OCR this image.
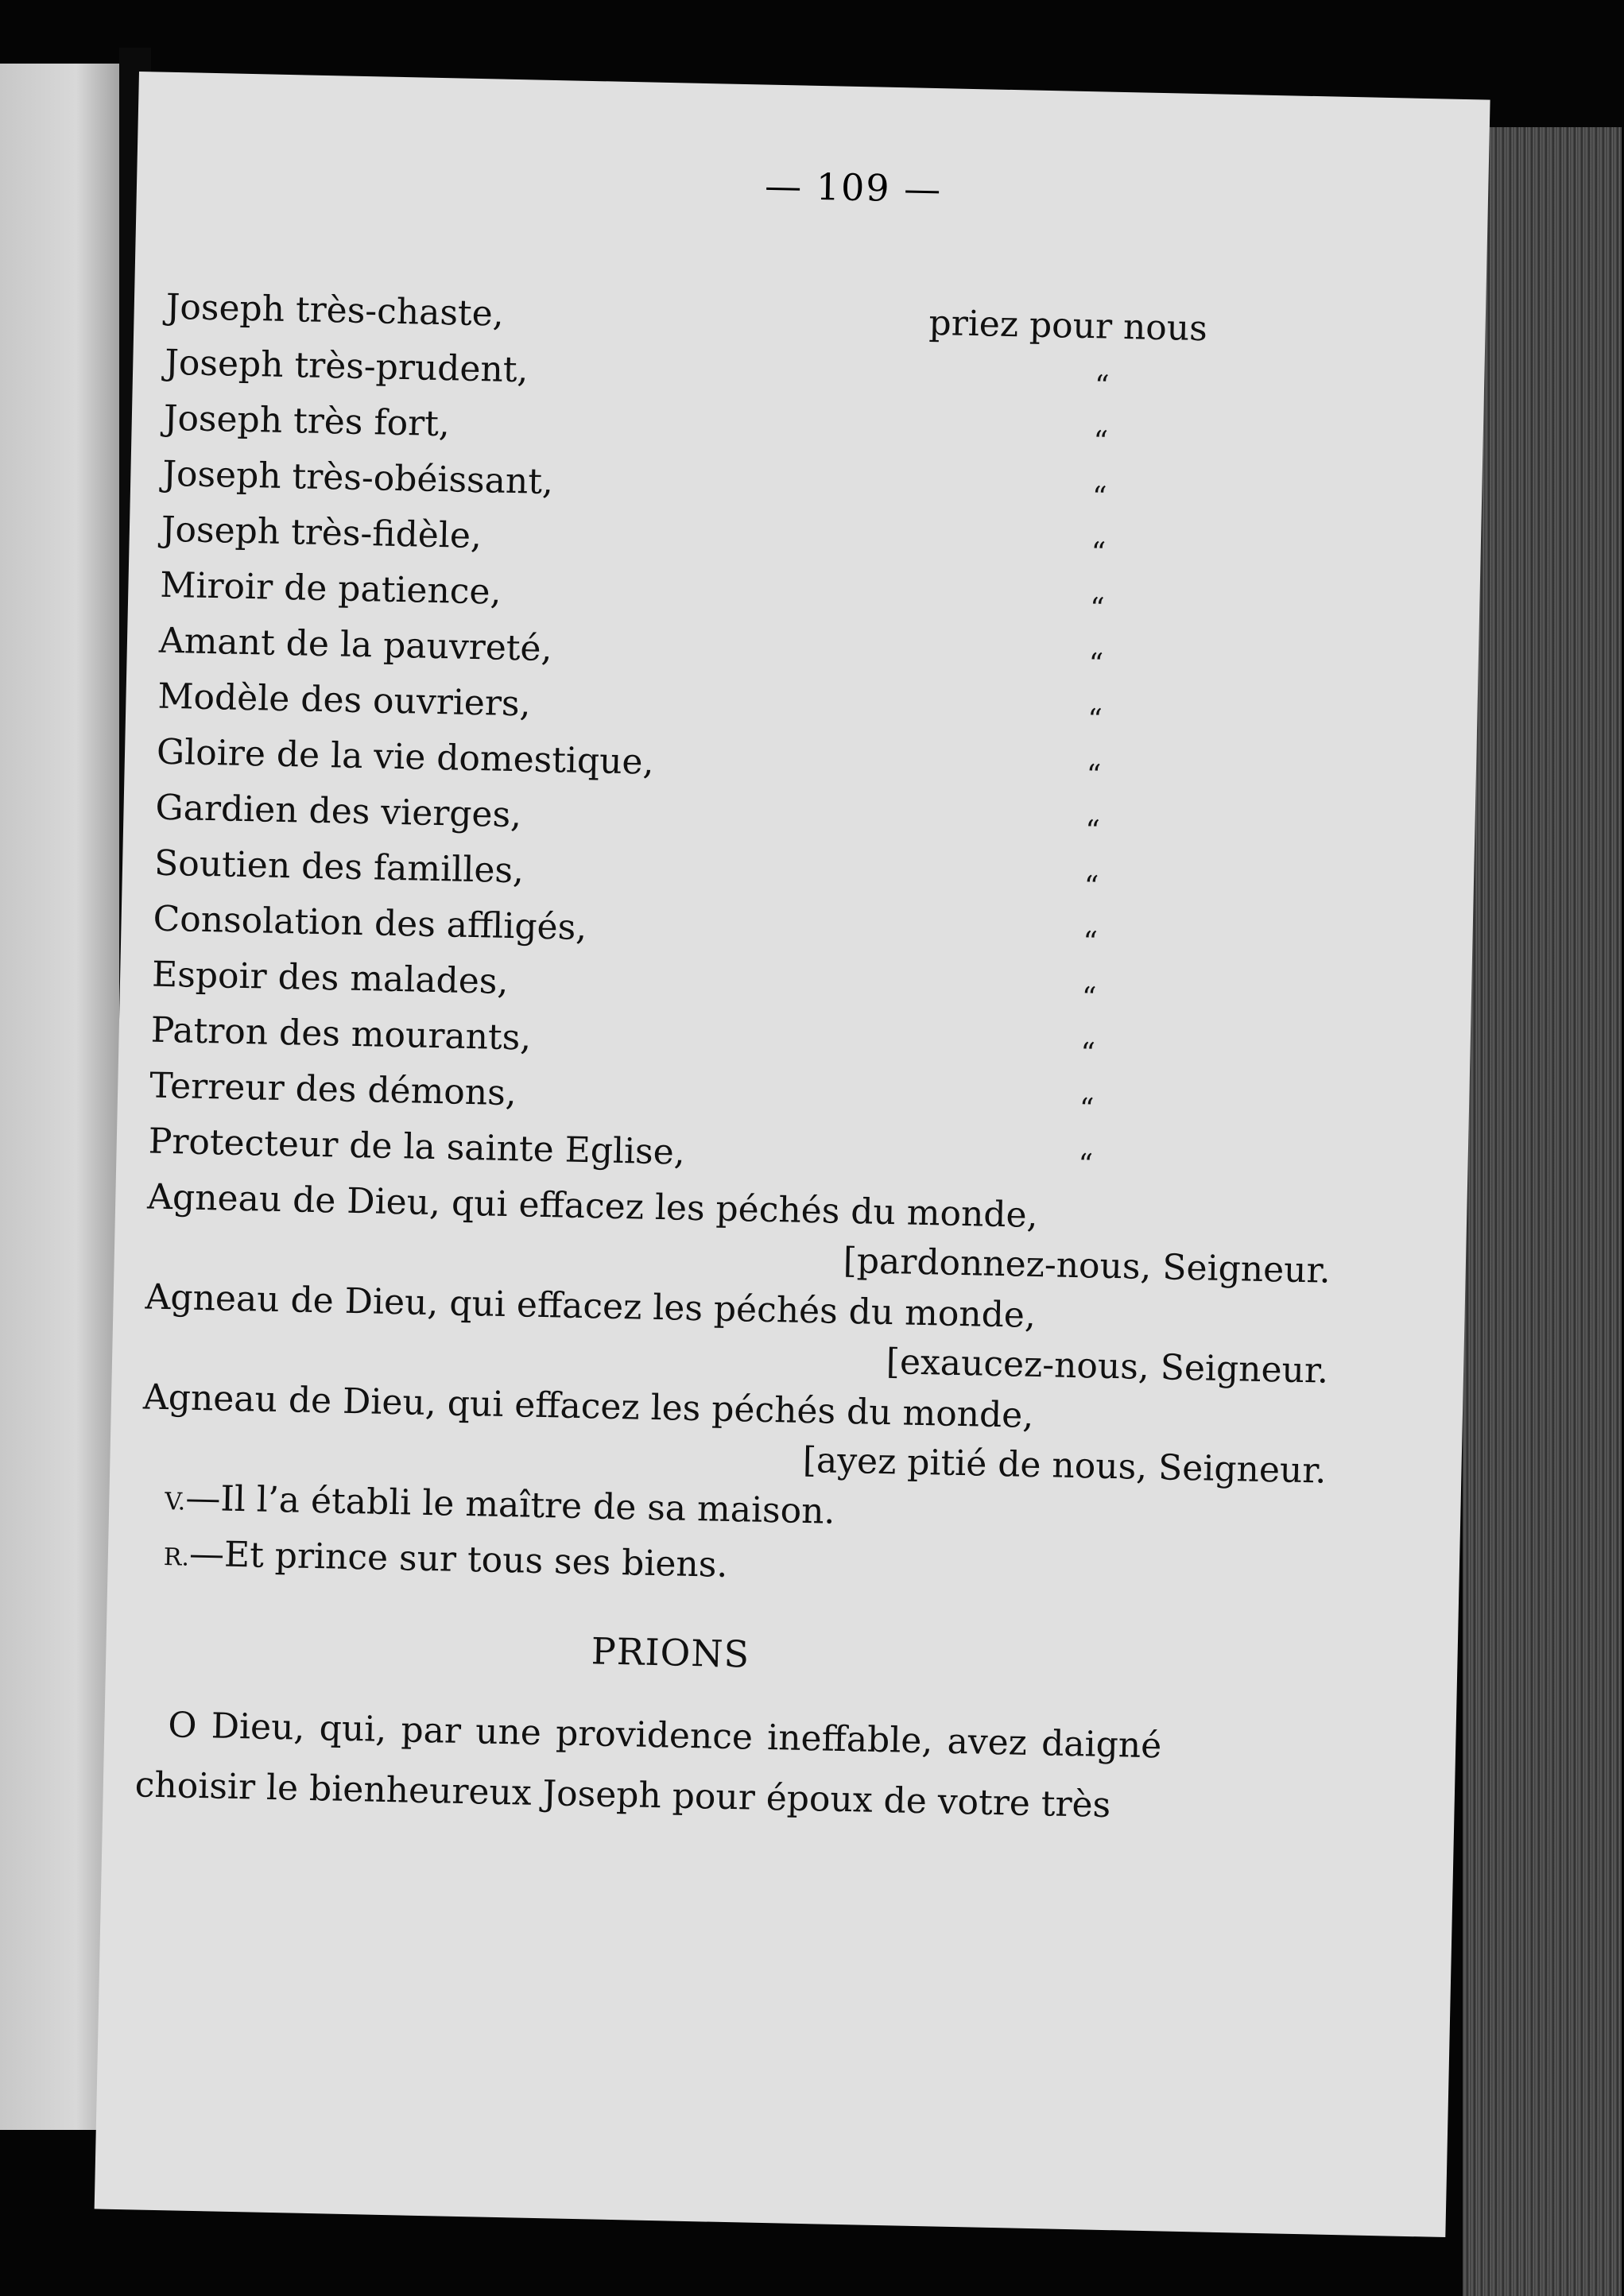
— 109 —
Joseph très-chaste,	priez pour nous
Joseph très-prudent,	“
Joseph très fort,	“
Joseph très-obéissant,	“
Joseph très-fidèle,	“
Miroir de patience,	“
Amant de la pauvreté,	“
Modèle des ouvriers,	“
Gloire de la vie domestique,	“
Gardien des vierges,	“
Soutien des familles,	“
Consolation des affligés,	“
Espoir des malades,	“
Patron des mourants,	“
Terreur des démons,	“
Protecteur de la sainte Eglise,	“
Agneau de Dieu, qui effacez les péchés du monde,
[pardonnez-nous, Seigneur.
Agneau de Dieu, qui effacez les péchés du monde,
[exaucez-nous, Seigneur.
Agneau de Dieu, qui effacez les péchés du monde,
[ayez pitié de nous, Seigneur.
V.—Il l’a établi le maître de sa maison.
R.—Et prince sur tous ses biens.
PRIONS
O Dieu, qui, par une providence ineffable, avez daigné choisir le bienheureux Joseph pour époux de votre très
